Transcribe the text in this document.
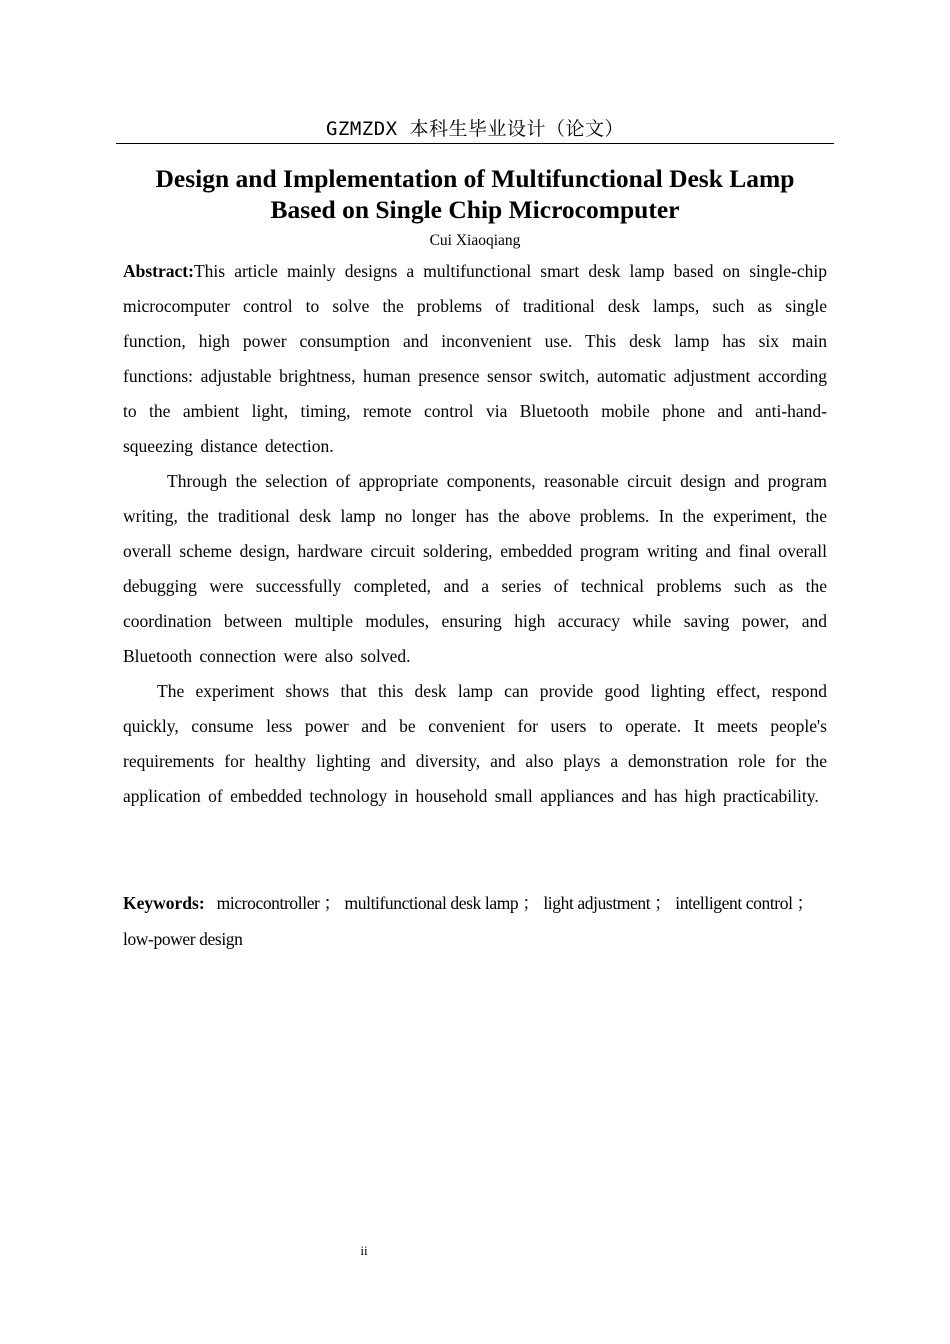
GZMZDX 本科生毕业设计（论文）
Design and Implementation of Multifunctional Desk Lamp
Based on Single Chip Microcomputer
Cui Xiaoqiang

Abstract:This article mainly designs a multifunctional smart desk lamp based on single-chip microcomputer control to solve the problems of traditional desk lamps, such as single function, high power consumption and inconvenient use. This desk lamp has six main functions: adjustable brightness, human presence sensor switch, automatic adjustment according to the ambient light, timing, remote control via Bluetooth mobile phone and anti-hand-squeezing distance detection.

Through the selection of appropriate components, reasonable circuit design and program writing, the traditional desk lamp no longer has the above problems. In the experiment, the overall scheme design, hardware circuit soldering, embedded program writing and final overall debugging were successfully completed, and a series of technical problems such as the coordination between multiple modules, ensuring high accuracy while saving power, and Bluetooth connection were also solved.

The experiment shows that this desk lamp can provide good lighting effect, respond quickly, consume less power and be convenient for users to operate. It meets people's requirements for healthy lighting and diversity, and also plays a demonstration role for the application of embedded technology in household small appliances and has high practicability.

Keywords: microcontroller ； multifunctional desk lamp ； light adjustment ； intelligent control ； low-power design
ii
